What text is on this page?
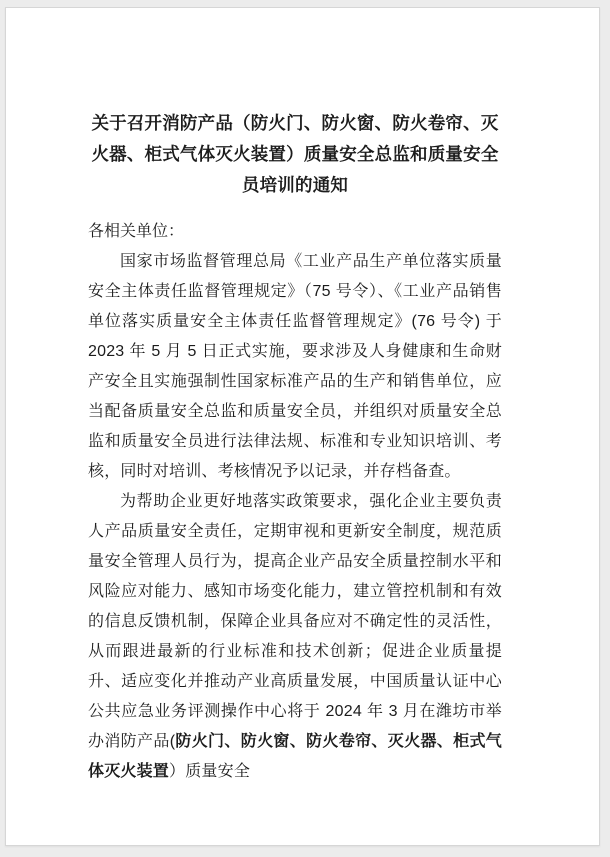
关于召开消防产品（防火门、防火窗、防火卷帘、灭火器、柜式气体灭火装置）质量安全总监和质量安全员培训的通知

各相关单位：

国家市场监督管理总局《工业产品生产单位落实质量安全主体责任监督管理规定》（75 号令）、《工业产品销售单位落实质量安全主体责任监督管理规定》(76 号令) 于 2023 年 5 月 5 日正式实施，要求涉及人身健康和生命财产安全且实施强制性国家标准产品的生产和销售单位，应当配备质量安全总监和质量安全员，并组织对质量安全总监和质量安全员进行法律法规、标准和专业知识培训、考核，同时对培训、考核情况予以记录，并存档备查。

为帮助企业更好地落实政策要求，强化企业主要负责人产品质量安全责任，定期审视和更新安全制度，规范质量安全管理人员行为，提高企业产品安全质量控制水平和风险应对能力、感知市场变化能力，建立管控机制和有效的信息反馈机制，保障企业具备应对不确定性的灵活性，从而跟进最新的行业标准和技术创新；促进企业质量提升、适应变化并推动产业高质量发展，中国质量认证中心公共应急业务评测操作中心将于 2024 年 3 月在潍坊市举办消防产品(防火门、防火窗、防火卷帘、灭火器、柜式气体灭火装置）质量安全
